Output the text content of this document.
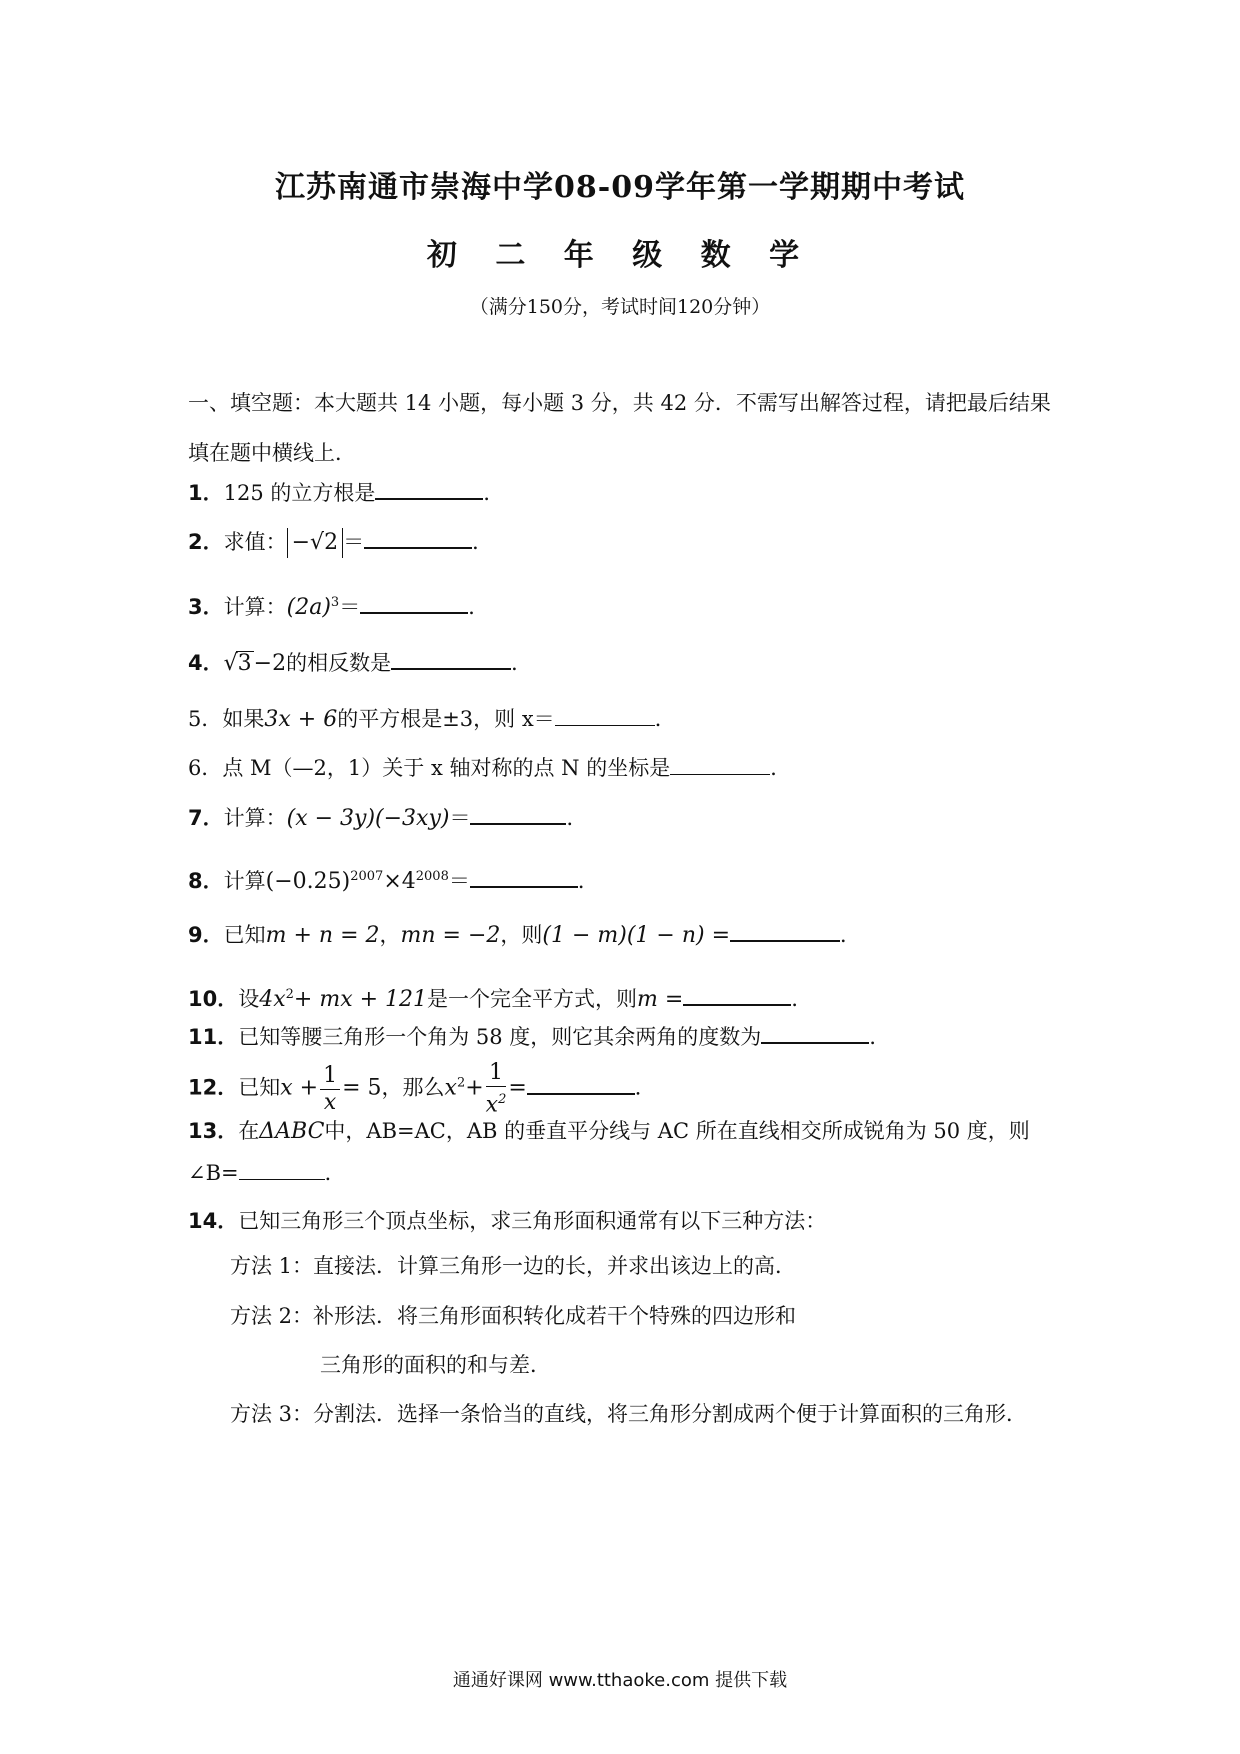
江苏南通市崇海中学08-09学年第一学期期中考试
初 二 年 级 数 学
（满分150分，考试时间120分钟）
一、填空题：本大题共 14 小题，每小题 3 分，共 42 分．不需写出解答过程，请把最后结果
填在题中横线上．
1．125 的立方根是	．
2．求值： −√2 ＝	．
3．计算：$(2a)^3=$	．
4．√3−2的相反数是	．
5．如果3x + 6的平方根是±3，则 x＝	．
6．点 M（—2，1）关于 x 轴对称的点 N 的坐标是	．
7．计算：(x − 3y)(−3xy)＝	．
8．计算$(-0.25)^{2007}\times 4^{2008}=$	．
9．已知m + n = 2，mn = −2，则(1 − m)(1 − n) =	．
10．设$4x^2+$ mx + 121是一个完全平方式，则m =	．
11．已知等腰三角形一个角为 58 度，则它其余两角的度数为	．
12．已知$x + \frac{1}{x} = 5$，那么$x^2+ \frac{1}{x^2}$ =	．
13．在ΔABC中，AB=AC，AB 的垂直平分线与 AC 所在直线相交所成锐角为 50 度，则
∠B=	．
14．已知三角形三个顶点坐标，求三角形面积通常有以下三种方法：
方法 1：直接法．计算三角形一边的长，并求出该边上的高．
方法 2：补形法．将三角形面积转化成若干个特殊的四边形和
三角形的面积的和与差．
方法 3：分割法．选择一条恰当的直线，将三角形分割成两个便于计算面积的三角形．
通通好课网 www.tthaoke.com 提供下载
